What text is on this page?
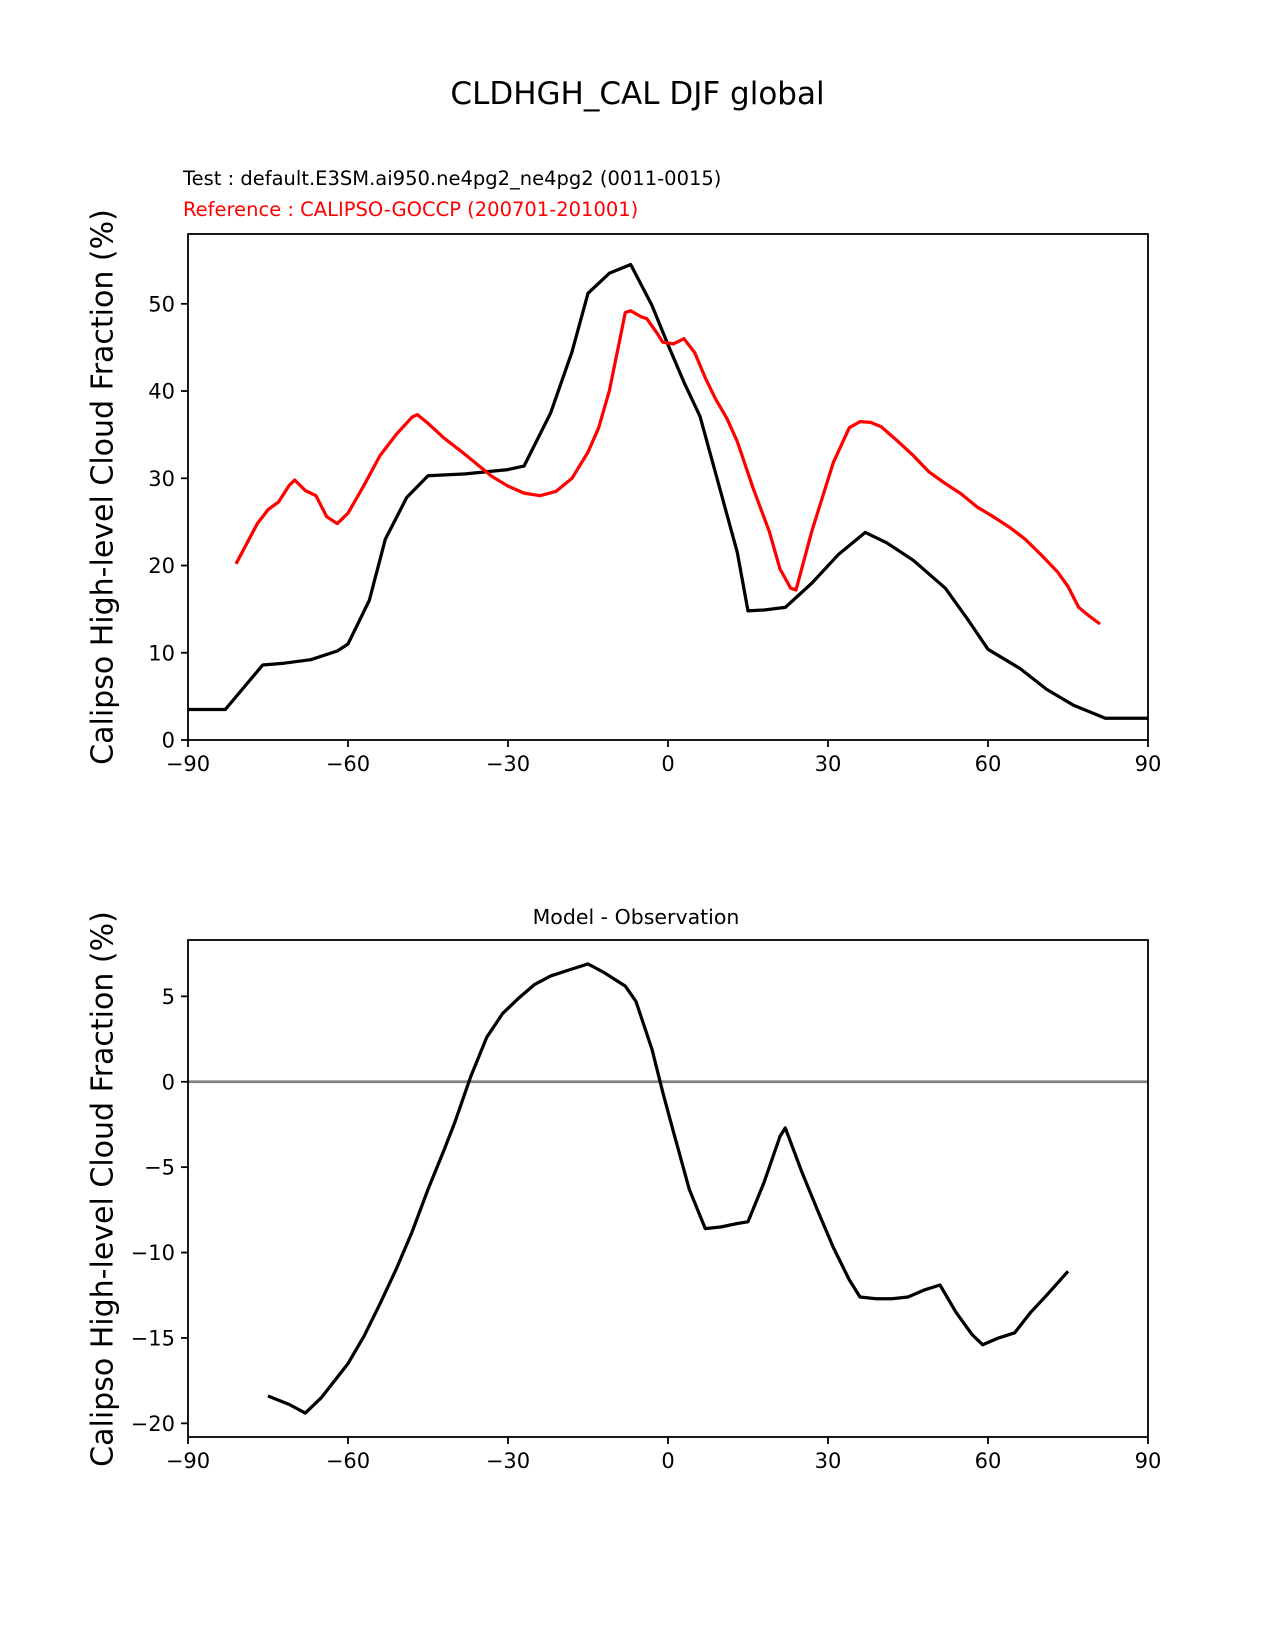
CLDHGH_CAL DJF global
Test : default.E3SM.ai950.ne4pg2_ne4pg2 (0011-0015)
Reference : CALIPSO-GOCCP (200701-201001)
Calipso High-level Cloud Fraction (%)
Calipso High-level Cloud Fraction (%)	Model - Observation
−90	−60	−30	0	30	60	90
0
10
20
30
40
50
−90	−60	−30	0	30	60	90
5
0
−5
−10
−15
−20
